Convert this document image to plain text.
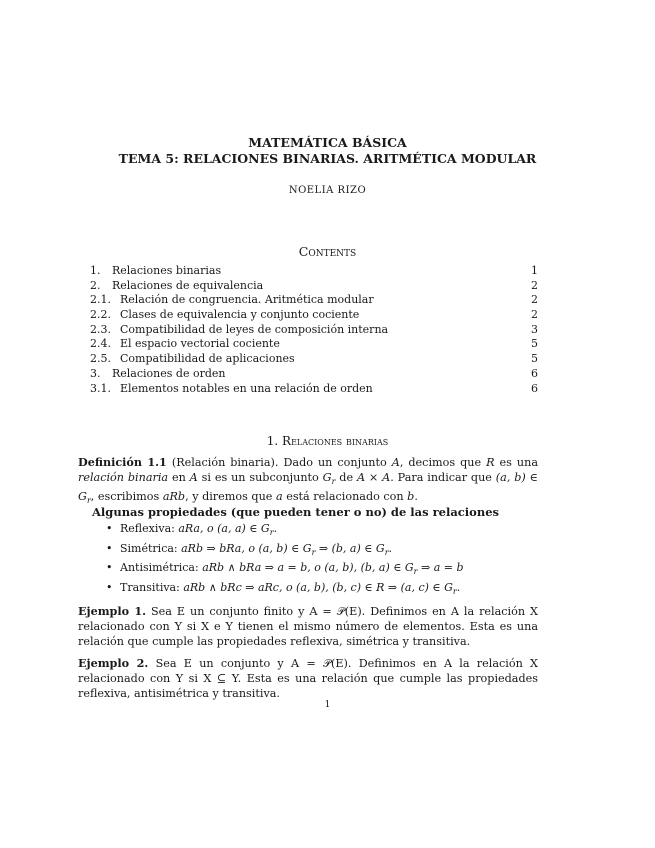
MATEMÁTICA BÁSICA
TEMA 5: RELACIONES BINARIAS. ARITMÉTICA MODULAR
NOELIA RIZO
Contents
1. Relaciones binarias	1
2. Relaciones de equivalencia	2
2.1. Relación de congruencia. Aritmética modular	2
2.2. Clases de equivalencia y conjunto cociente	2
2.3. Compatibilidad de leyes de composición interna	3
2.4. El espacio vectorial cociente	5
2.5. Compatibilidad de aplicaciones	5
3. Relaciones de orden	6
3.1. Elementos notables en una relación de orden	6
1. Relaciones binarias
Definición 1.1 (Relación binaria). Dado un conjunto A, decimos que R es una relación binaria en A si es un subconjunto $G_r$ de A × A. Para indicar que (a, b) ∈ $G_r$, escribimos aRb, y diremos que a está relacionado con b.
Algunas propiedades (que pueden tener o no) de las relaciones
• Reflexiva: aRa, o (a, a) ∈ $G_r$.
• Simétrica: aRb ⇒ bRa, o (a, b) ∈ $G_r$ ⇒ (b, a) ∈ $G_r$.
• Antisimétrica: aRb ∧ bRa ⇒ a = b, o (a, b), (b, a) ∈ $G_r$ ⇒ a = b
• Transitiva: aRb ∧ bRc ⇒ aRc, o (a, b), (b, c) ∈ R ⇒ (a, c) ∈ $G_r$.
Ejemplo 1. Sea E un conjunto finito y A = 𝒫(E). Definimos en A la relación X relacionado con Y si X e Y tienen el mismo número de elementos. Esta es una relación que cumple las propiedades reflexiva, simétrica y transitiva.
Ejemplo 2. Sea E un conjunto y A = 𝒫(E). Definimos en A la relación X relacionado con Y si X ⊆ Y. Esta es una relación que cumple las propiedades reflexiva, antisimétrica y transitiva.
1
